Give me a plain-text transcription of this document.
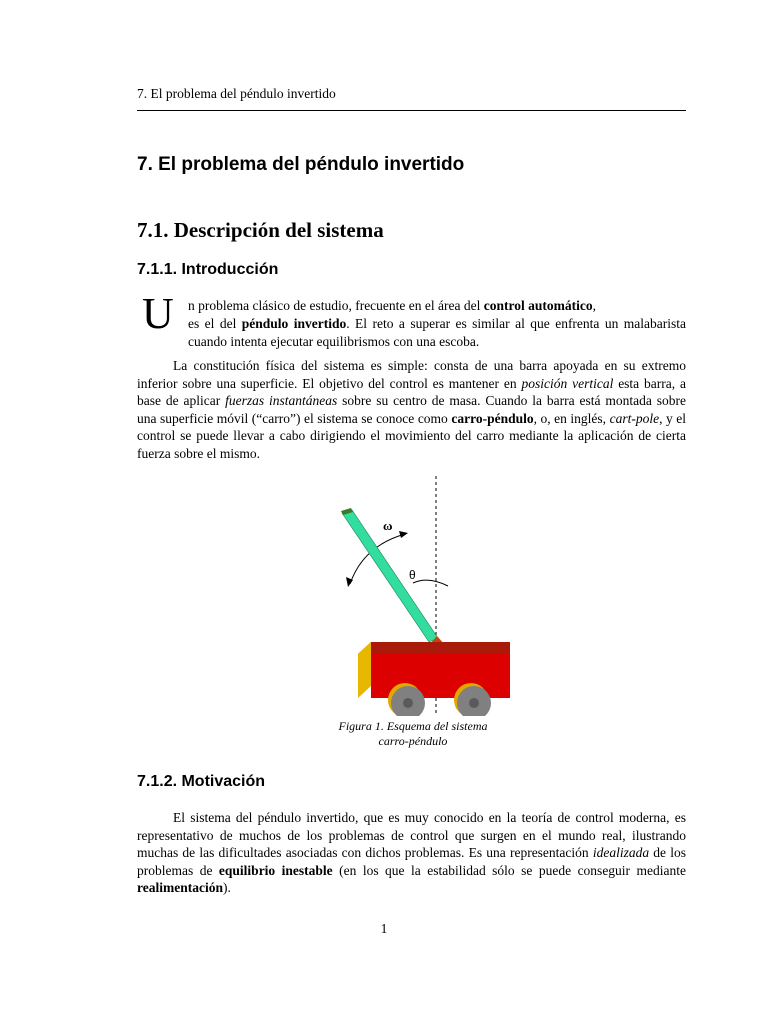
7. El problema del péndulo invertido
7. El problema del péndulo invertido
7.1. Descripción del sistema
7.1.1. Introducción
U n problema clásico de estudio, frecuente en el área del control automático,
es el del péndulo invertido. El reto a superar es similar al que enfrenta un malabarista cuando intenta ejecutar equilibrismos con una escoba.
La constitución física del sistema es simple: consta de una barra apoyada en su extremo inferior sobre una superficie. El objetivo del control es mantener en posición vertical esta barra, a base de aplicar fuerzas instantáneas sobre su centro de masa. Cuando la barra está montada sobre una superficie móvil (“carro”) el sistema se conoce como carro-péndulo, o, en inglés, cart-pole, y el control se puede llevar a cabo dirigiendo el movimiento del carro mediante la aplicación de cierta fuerza sobre el mismo.
θ
ω
Figura 1. Esquema del sistema
carro-péndulo
7.1.2. Motivación
El sistema del péndulo invertido, que es muy conocido en la teoría de control moderna, es representativo de muchos de los problemas de control que surgen en el mundo real, ilustrando muchas de las dificultades asociadas con dichos problemas. Es una representación idealizada de los problemas de equilibrio inestable (en los que la estabilidad sólo se puede conseguir mediante realimentación).
1
